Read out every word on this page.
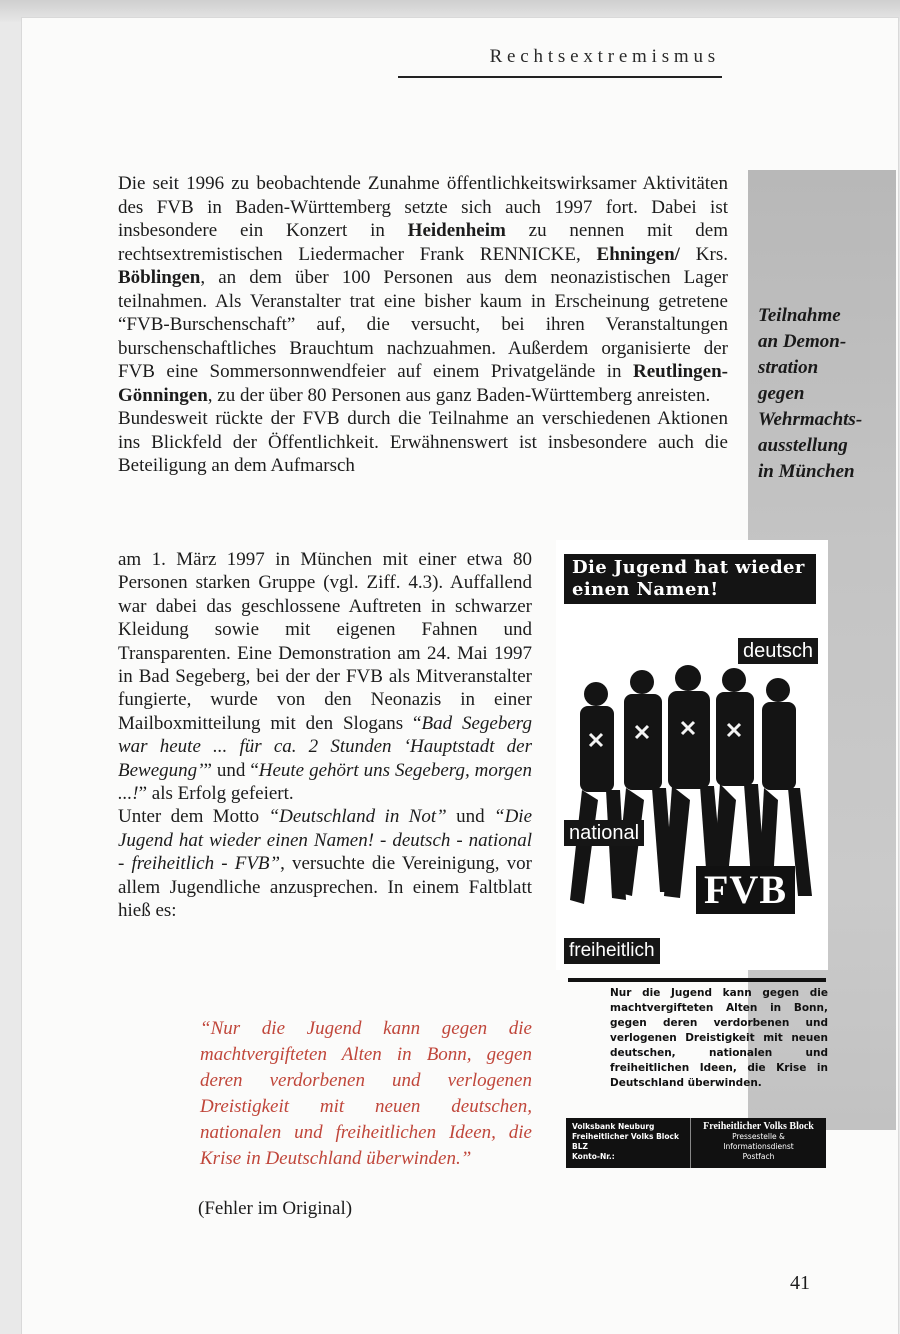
Rechtsextremismus
Teilnahme
an Demon-
stration
gegen
Wehrmachts-
ausstellung
in München

Die seit 1996 zu beobachtende Zunahme öffentlichkeitswirksamer Aktivitäten des FVB in Baden-Württemberg setzte sich auch 1997 fort. Dabei ist insbesondere ein Konzert in Heidenheim zu nennen mit dem rechtsextremistischen Liedermacher Frank RENNICKE, Ehningen/ Krs. Böblingen, an dem über 100 Personen aus dem neonazistischen Lager teilnahmen. Als Veranstalter trat eine bisher kaum in Erscheinung getretene “FVB-Burschenschaft” auf, die versucht, bei ihren Veranstaltungen burschenschaftliches Brauchtum nachzuahmen. Außerdem organisierte der FVB eine Sommersonnwendfeier auf einem Privatgelände in Reutlingen-Gönningen, zu der über 80 Personen aus ganz Baden-Württemberg anreisten.

Bundesweit rückte der FVB durch die Teilnahme an verschiedenen Aktionen ins Blickfeld der Öffentlichkeit. Erwähnenswert ist insbesondere auch die Beteiligung an dem Aufmarsch

am 1. März 1997 in München mit einer etwa 80 Personen starken Gruppe (vgl. Ziff. 4.3). Auffallend war dabei das geschlossene Auftreten in schwarzer Kleidung sowie mit eigenen Fahnen und Transparenten. Eine Demonstration am 24. Mai 1997 in Bad Segeberg, bei der der FVB als Mitveranstalter fungierte, wurde von den Neonazis in einer Mailboxmitteilung mit den Slogans “Bad Segeberg war heute ... für ca. 2 Stunden ‘Hauptstadt der Bewegung’” und “Heute gehört uns Segeberg, morgen ...!” als Erfolg gefeiert.

Unter dem Motto “Deutschland in Not” und “Die Jugend hat wieder einen Namen! - deutsch - national - freiheitlich - FVB”, versuchte die Vereinigung, vor allem Jugendliche anzusprechen. In einem Faltblatt hieß es:

“Nur die Jugend kann gegen die machtvergifteten Alten in Bonn, gegen deren verdorbenen und verlogenen Dreistigkeit mit neuen deutschen, nationalen und freiheitlichen Ideen, die Krise in Deutschland überwinden.”
(Fehler im Original)
Die Jugend hat wieder einen Namen!
deutsch
national
FVB
freiheitlich
Nur die Jugend kann gegen die machtvergifteten Alten in Bonn, gegen deren verdorbenen und verlogenen Dreistigkeit mit neuen deutschen, nationalen und freiheitlichen Ideen, die Krise in Deutschland überwinden.
Volksbank Neuburg
Freiheitlicher Volks Block
BLZ
Konto-Nr.:
Freiheitlicher Volks Block
Pressestelle & Informationsdienst
Postfach
41
